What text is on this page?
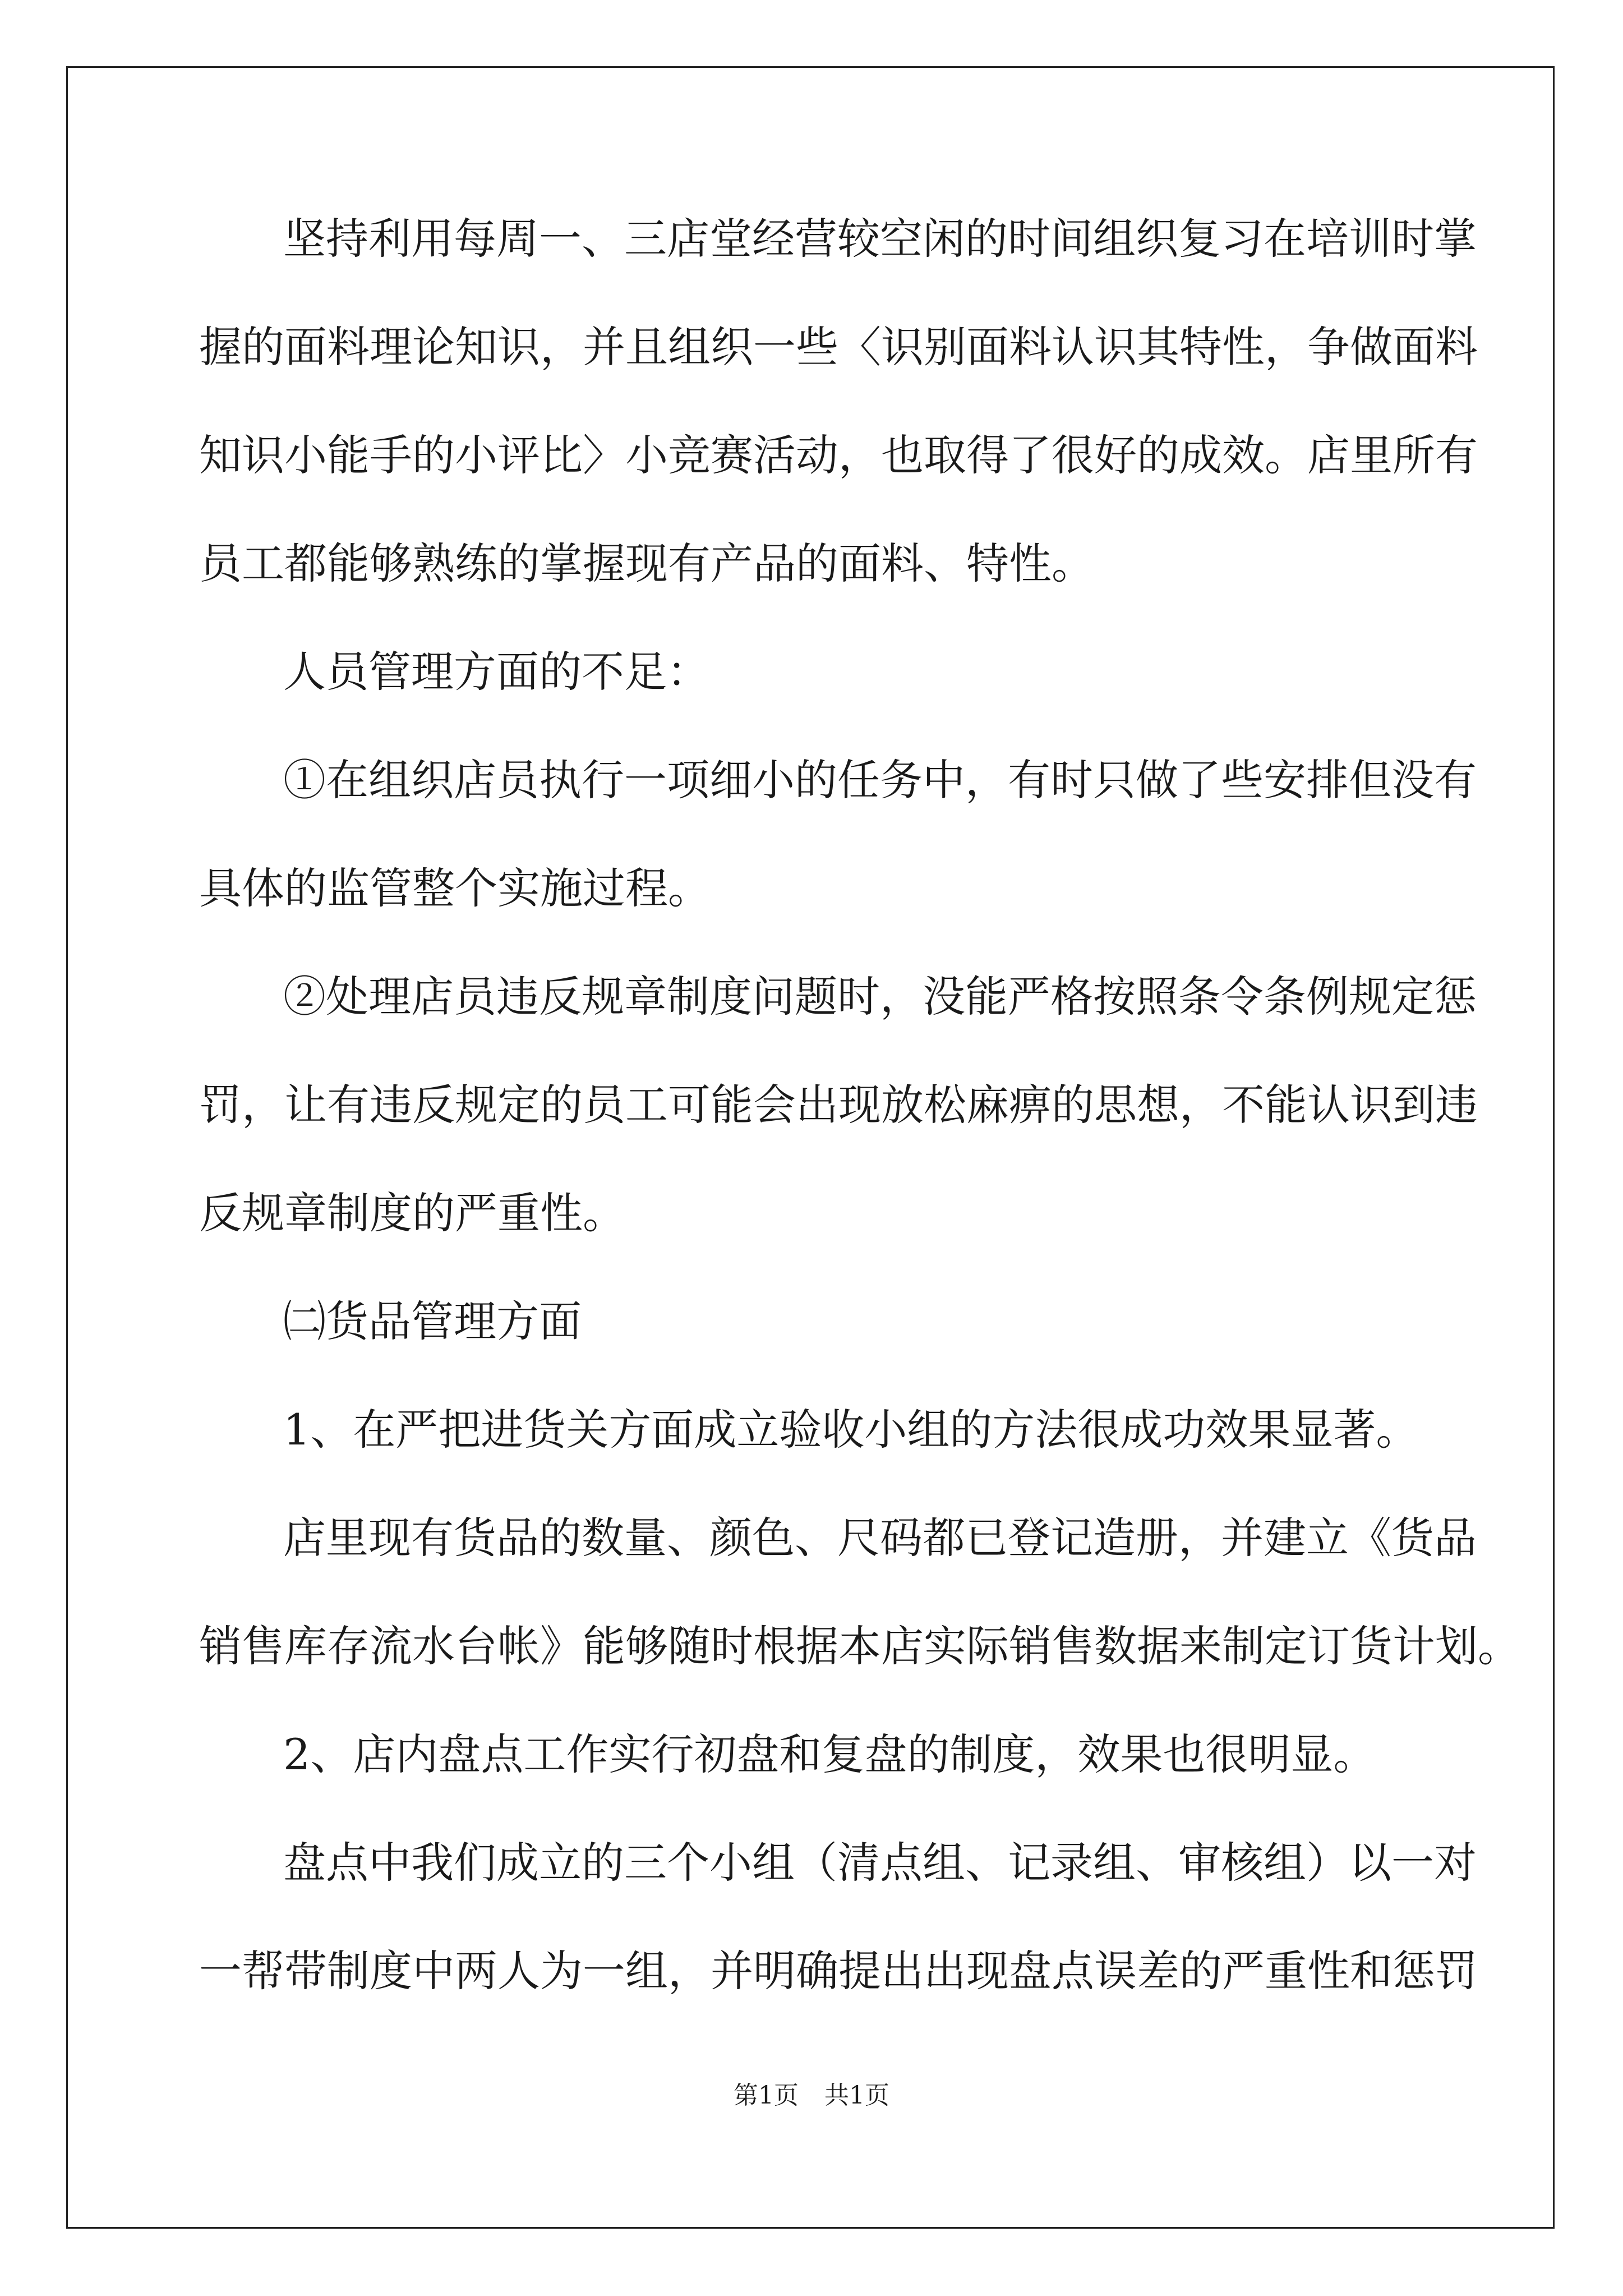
坚持利用每周一、三店堂经营较空闲的时间组织复习在培训时掌
握的面料理论知识，并且组织一些〈识别面料认识其特性，争做面料
知识小能手的小评比〉小竞赛活动，也取得了很好的成效。店里所有
员工都能够熟练的掌握现有产品的面料、特性。
人员管理方面的不足：
①在组织店员执行一项细小的任务中，有时只做了些安排但没有
具体的监管整个实施过程。
②处理店员违反规章制度问题时，没能严格按照条令条例规定惩
罚，让有违反规定的员工可能会出现放松麻痹的思想，不能认识到违
反规章制度的严重性。
㈡货品管理方面
1、在严把进货关方面成立验收小组的方法很成功效果显著。
店里现有货品的数量、颜色、尺码都已登记造册，并建立《货品
销售库存流水台帐》能够随时根据本店实际销售数据来制定订货计划。
2、店内盘点工作实行初盘和复盘的制度，效果也很明显。
盘点中我们成立的三个小组（清点组、记录组、审核组）以一对
一帮带制度中两人为一组，并明确提出出现盘点误差的严重性和惩罚
第1页 共1页
